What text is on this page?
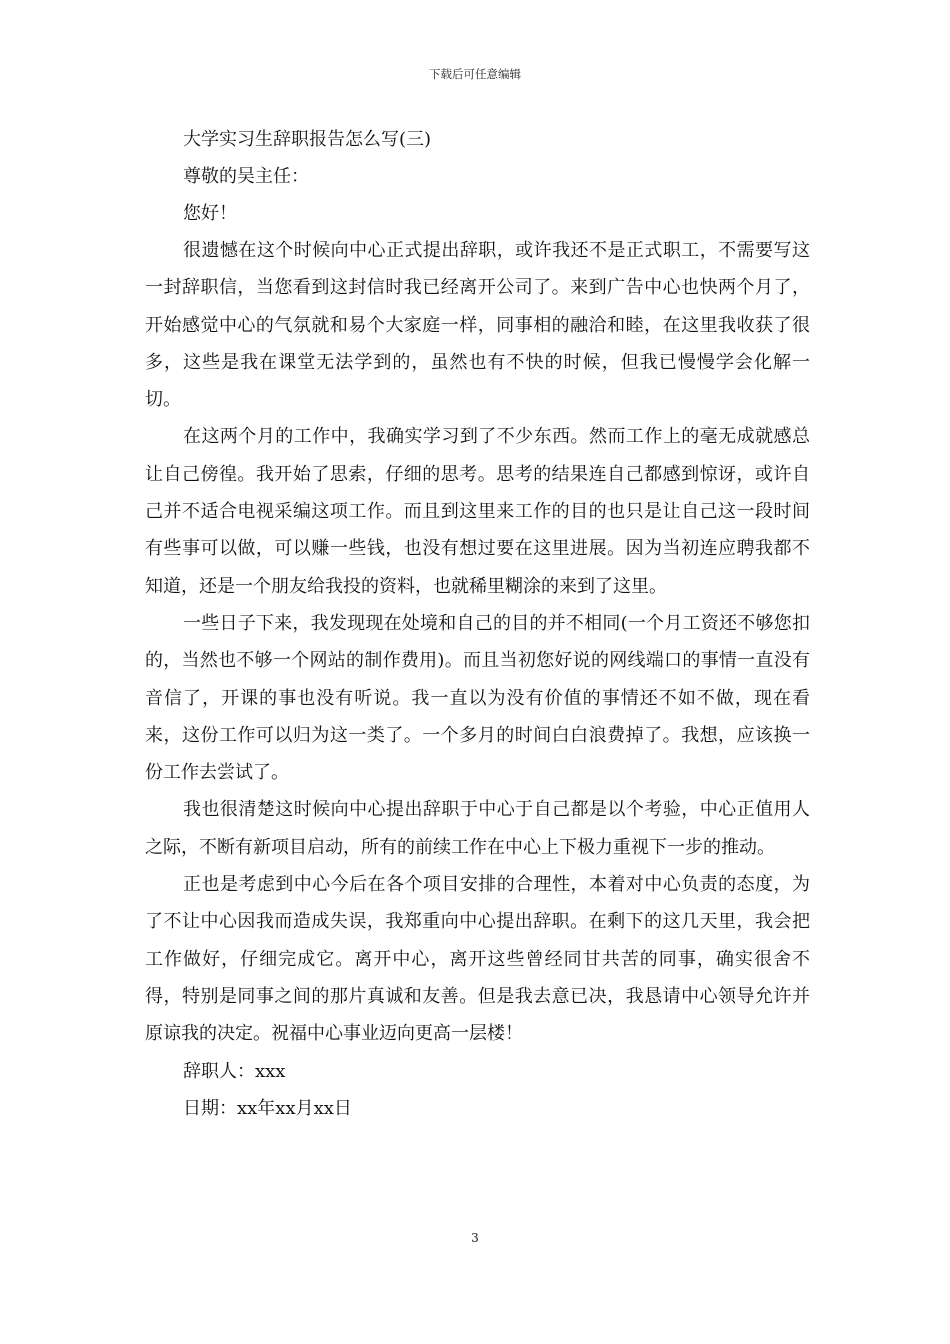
下载后可任意编辑

大学实习生辞职报告怎么写(三)

尊敬的吴主任：

您好！

很遗憾在这个时候向中心正式提出辞职，或许我还不是正式职工，不需要写这一封辞职信，当您看到这封信时我已经离开公司了。来到广告中心也快两个月了，开始感觉中心的气氛就和易个大家庭一样，同事相的融洽和睦，在这里我收获了很多，这些是我在课堂无法学到的，虽然也有不快的时候，但我已慢慢学会化解一切。

在这两个月的工作中，我确实学习到了不少东西。然而工作上的毫无成就感总让自己傍徨。我开始了思索，仔细的思考。思考的结果连自己都感到惊讶，或许自己并不适合电视采编这项工作。而且到这里来工作的目的也只是让自己这一段时间有些事可以做，可以赚一些钱，也没有想过要在这里进展。因为当初连应聘我都不知道，还是一个朋友给我投的资料，也就稀里糊涂的来到了这里。

一些日子下来，我发现现在处境和自己的目的并不相同(一个月工资还不够您扣的，当然也不够一个网站的制作费用)。而且当初您好说的网线端口的事情一直没有音信了，开课的事也没有听说。我一直以为没有价值的事情还不如不做，现在看来，这份工作可以归为这一类了。一个多月的时间白白浪费掉了。我想，应该换一份工作去尝试了。

我也很清楚这时候向中心提出辞职于中心于自己都是以个考验，中心正值用人之际，不断有新项目启动，所有的前续工作在中心上下极力重视下一步的推动。

正也是考虑到中心今后在各个项目安排的合理性，本着对中心负责的态度，为了不让中心因我而造成失误，我郑重向中心提出辞职。在剩下的这几天里，我会把工作做好，仔细完成它。离开中心，离开这些曾经同甘共苦的同事，确实很舍不得，特别是同事之间的那片真诚和友善。但是我去意已决，我恳请中心领导允许并原谅我的决定。祝福中心事业迈向更高一层楼！

辞职人：xxx

日期：xx年xx月xx日

3
